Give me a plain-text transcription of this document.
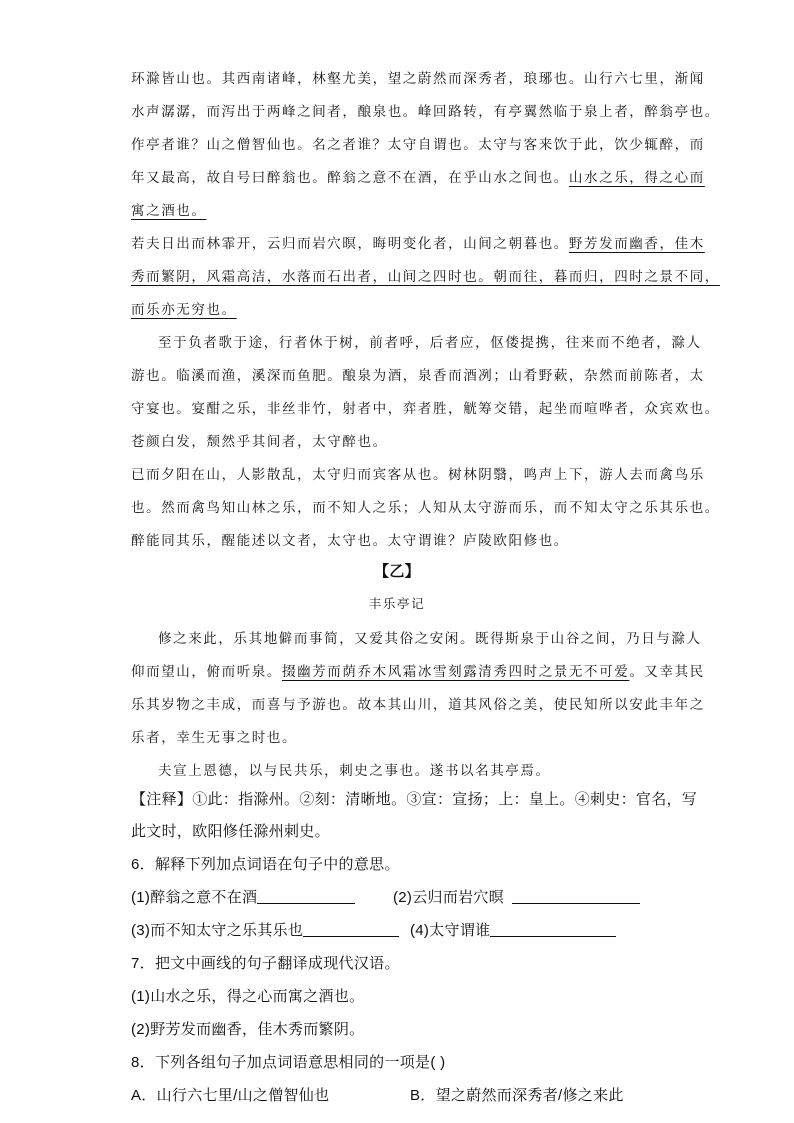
环滁皆山也。其西南诸峰，林壑尤美，望之蔚然而深秀者，琅琊也。山行六七里，渐闻
水声潺潺，而泻出于两峰之间者，酿泉也。峰回路转，有亭翼然临于泉上者，醉翁亭也。
作亭者谁？山之僧智仙也。名之者谁？太守自谓也。太守与客来饮于此，饮少辄醉，而
年又最高，故自号曰醉翁也。醉翁之意不在酒，在乎山水之间也。山水之乐，得之心而
寓之酒也。
若夫日出而林霏开，云归而岩穴暝，晦明变化者，山间之朝暮也。野芳发而幽香，佳木
秀而繁阴，风霜高洁，水落而石出者，山间之四时也。朝而往，暮而归，四时之景不同，
而乐亦无穷也。
至于负者歌于途，行者休于树，前者呼，后者应，伛偻提携，往来而不绝者，滁人
游也。临溪而渔，溪深而鱼肥。酿泉为酒，泉香而酒冽；山肴野蔌，杂然而前陈者，太
守宴也。宴酣之乐，非丝非竹，射者中，弈者胜，觥筹交错，起坐而喧哗者，众宾欢也。
苍颜白发，颓然乎其间者，太守醉也。
已而夕阳在山，人影散乱，太守归而宾客从也。树林阴翳，鸣声上下，游人去而禽鸟乐
也。然而禽鸟知山林之乐，而不知人之乐；人知从太守游而乐，而不知太守之乐其乐也。
醉能同其乐，醒能述以文者，太守也。太守谓谁？庐陵欧阳修也。
【乙】
丰乐亭记
修之来此，乐其地僻而事简，又爱其俗之安闲。既得斯泉于山谷之间，乃日与滁人
仰而望山，俯而听泉。掇幽芳而荫乔木风霜冰雪刻露清秀四时之景无不可爱。又幸其民
乐其岁物之丰成，而喜与予游也。故本其山川，道其风俗之美，使民知所以安此丰年之
乐者，幸生无事之时也。
夫宣上恩德，以与民共乐，刺史之事也。遂书以名其亭焉。
【注释】①此：指滁州。②刻：清晰地。③宣：宣扬；上：皇上。④刺史：官名，写
此文时，欧阳修任滁州刺史。
6．解释下列加点词语在句子中的意思。
(1)醉翁之意不在酒	(2)云归而岩穴暝
(3)而不知太守之乐其乐也	(4)太守谓谁
7．把文中画线的句子翻译成现代汉语。
(1)山水之乐，得之心而寓之酒也。
(2)野芳发而幽香，佳木秀而繁阴。
8．下列各组句子加点词语意思相同的一项是( )
A．山行六七里/山之僧智仙也	B．望之蔚然而深秀者/修之来此
